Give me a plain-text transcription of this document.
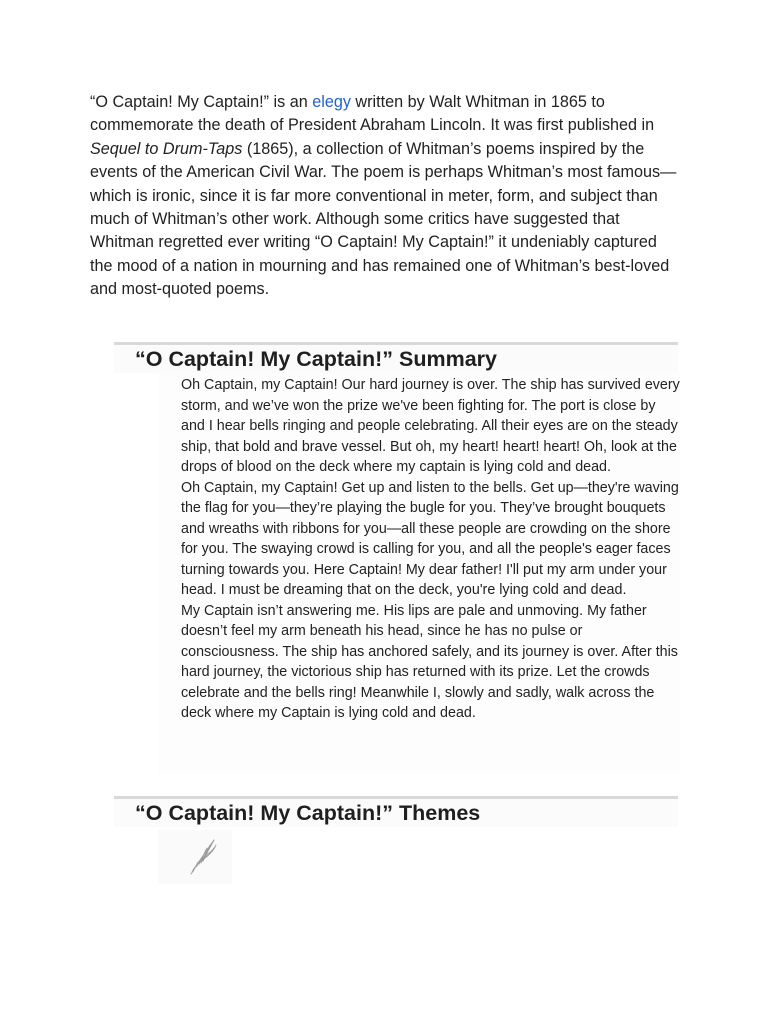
“O Captain! My Captain!” is an elegy written by Walt Whitman in 1865 to commemorate the death of President Abraham Lincoln. It was first published in Sequel to Drum-Taps (1865), a collection of Whitman’s poems inspired by the events of the American Civil War. The poem is perhaps Whitman’s most famous—which is ironic, since it is far more conventional in meter, form, and subject than much of Whitman’s other work. Although some critics have suggested that Whitman regretted ever writing “O Captain! My Captain!” it undeniably captured the mood of a nation in mourning and has remained one of Whitman’s best-loved and most-quoted poems.

“O Captain! My Captain!” Summary

Oh Captain, my Captain! Our hard journey is over. The ship has survived every storm, and we’ve won the prize we've been fighting for. The port is close by and I hear bells ringing and people celebrating. All their eyes are on the steady ship, that bold and brave vessel. But oh, my heart! heart! heart! Oh, look at the drops of blood on the deck where my captain is lying cold and dead.

Oh Captain, my Captain! Get up and listen to the bells. Get up—they're waving the flag for you—they’re playing the bugle for you. They’ve brought bouquets and wreaths with ribbons for you—all these people are crowding on the shore for you. The swaying crowd is calling for you, and all the people's eager faces turning towards you. Here Captain! My dear father! I'll put my arm under your head. I must be dreaming that on the deck, you're lying cold and dead.

My Captain isn’t answering me. His lips are pale and unmoving. My father doesn’t feel my arm beneath his head, since he has no pulse or consciousness. The ship has anchored safely, and its journey is over. After this hard journey, the victorious ship has returned with its prize. Let the crowds celebrate and the bells ring! Meanwhile I, slowly and sadly, walk across the deck where my Captain is lying cold and dead.

“O Captain! My Captain!” Themes
